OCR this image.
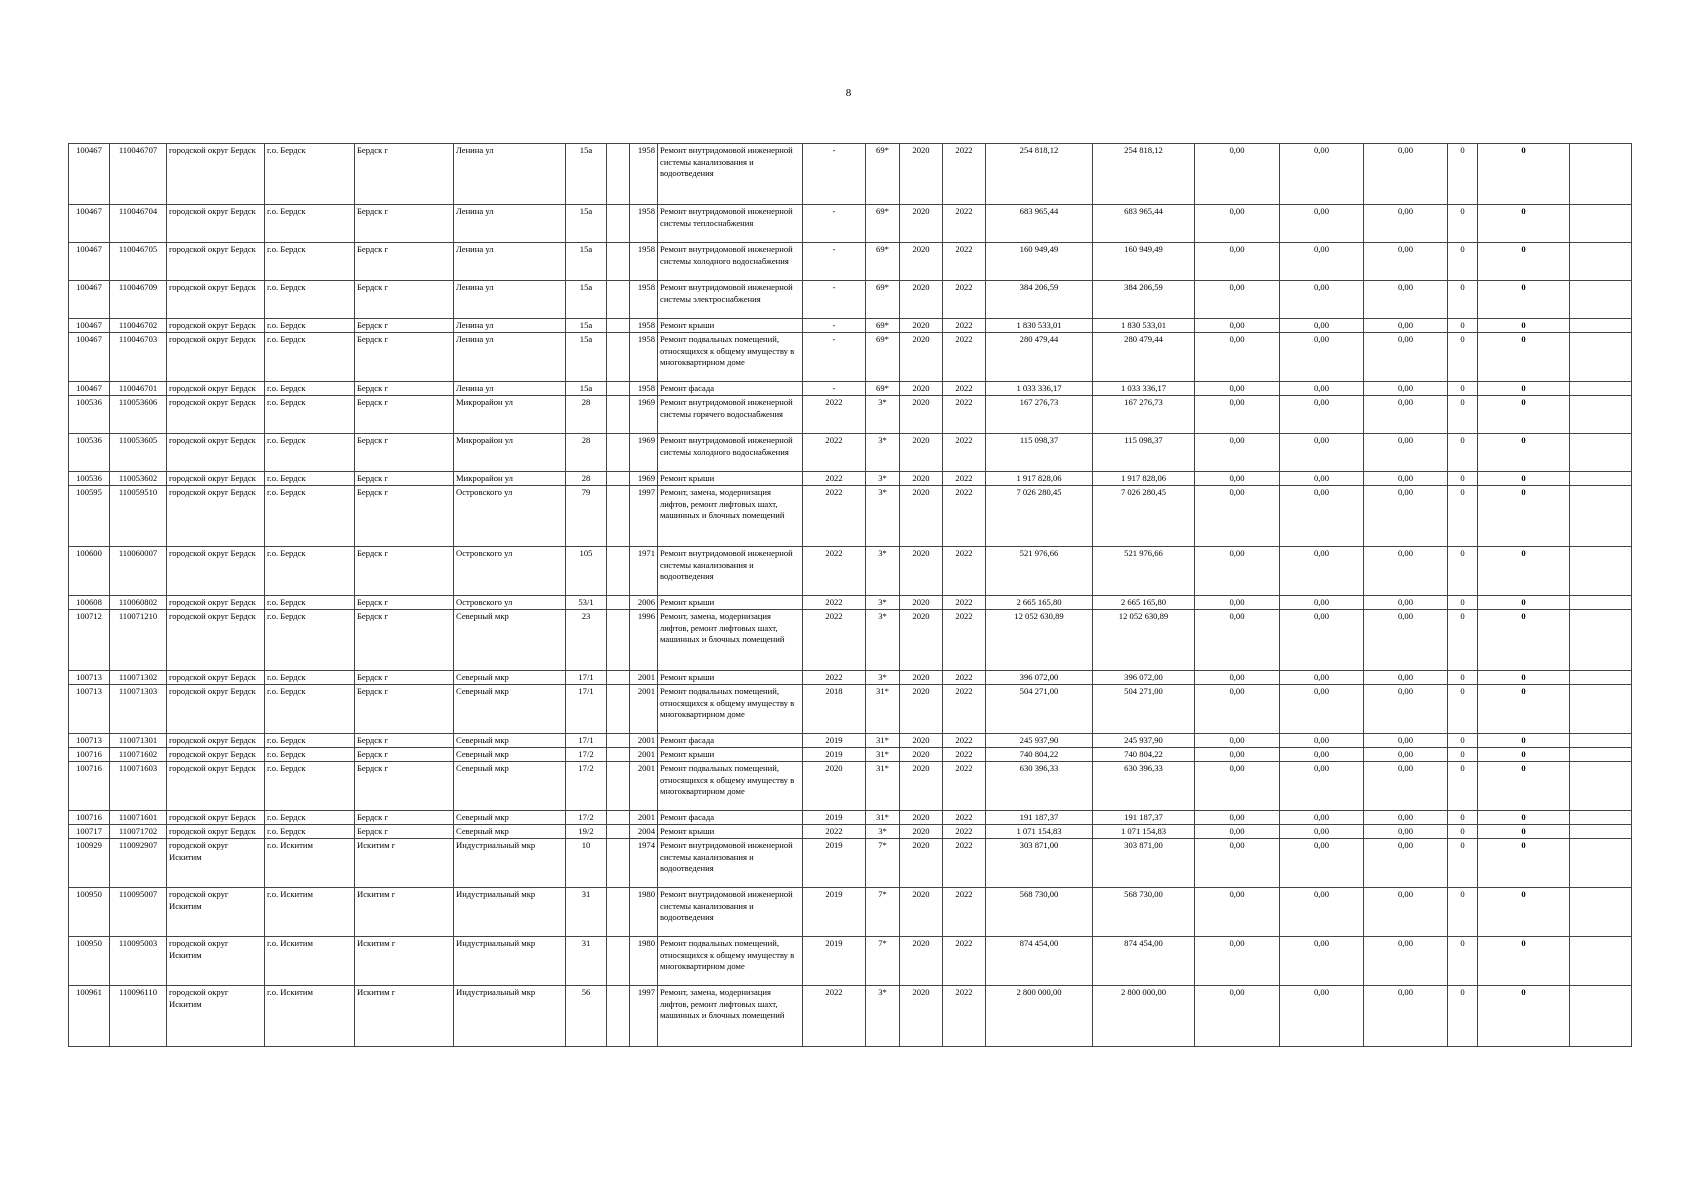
8
100467	110046707	городской округ Бердск	г.о. Бердск	Бердск г	Ленина ул	15а		1958	Ремонт внутридомовой инженерной системы канализования и водоотведения	-	69*	2020	2022	254 818,12	254 818,12	0,00	0,00	0,00	0	0	
100467	110046704	городской округ Бердск	г.о. Бердск	Бердск г	Ленина ул	15а		1958	Ремонт внутридомовой инженерной системы теплоснабжения	-	69*	2020	2022	683 965,44	683 965,44	0,00	0,00	0,00	0	0	
100467	110046705	городской округ Бердск	г.о. Бердск	Бердск г	Ленина ул	15а		1958	Ремонт внутридомовой инженерной системы холодного водоснабжения	-	69*	2020	2022	160 949,49	160 949,49	0,00	0,00	0,00	0	0	
100467	110046709	городской округ Бердск	г.о. Бердск	Бердск г	Ленина ул	15а		1958	Ремонт внутридомовой инженерной системы электроснабжения	-	69*	2020	2022	384 206,59	384 206,59	0,00	0,00	0,00	0	0	
100467	110046702	городской округ Бердск	г.о. Бердск	Бердск г	Ленина ул	15а		1958	Ремонт крыши	-	69*	2020	2022	1 830 533,01	1 830 533,01	0,00	0,00	0,00	0	0	
100467	110046703	городской округ Бердск	г.о. Бердск	Бердск г	Ленина ул	15а		1958	Ремонт подвальных помещений, относящихся к общему имуществу в многоквартирном доме	-	69*	2020	2022	280 479,44	280 479,44	0,00	0,00	0,00	0	0	
100467	110046701	городской округ Бердск	г.о. Бердск	Бердск г	Ленина ул	15а		1958	Ремонт фасада	-	69*	2020	2022	1 033 336,17	1 033 336,17	0,00	0,00	0,00	0	0	
100536	110053606	городской округ Бердск	г.о. Бердск	Бердск г	Микрорайон ул	28		1969	Ремонт внутридомовой инженерной системы горячего водоснабжения	2022	3*	2020	2022	167 276,73	167 276,73	0,00	0,00	0,00	0	0	
100536	110053605	городской округ Бердск	г.о. Бердск	Бердск г	Микрорайон ул	28		1969	Ремонт внутридомовой инженерной системы холодного водоснабжения	2022	3*	2020	2022	115 098,37	115 098,37	0,00	0,00	0,00	0	0	
100536	110053602	городской округ Бердск	г.о. Бердск	Бердск г	Микрорайон ул	28		1969	Ремонт крыши	2022	3*	2020	2022	1 917 828,06	1 917 828,06	0,00	0,00	0,00	0	0	
100595	110059510	городской округ Бердск	г.о. Бердск	Бердск г	Островского ул	79		1997	Ремонт, замена, модернизация лифтов, ремонт лифтовых шахт, машинных и блочных помещений	2022	3*	2020	2022	7 026 280,45	7 026 280,45	0,00	0,00	0,00	0	0	
100600	110060007	городской округ Бердск	г.о. Бердск	Бердск г	Островского ул	105		1971	Ремонт внутридомовой инженерной системы канализования и водоотведения	2022	3*	2020	2022	521 976,66	521 976,66	0,00	0,00	0,00	0	0	
100608	110060802	городской округ Бердск	г.о. Бердск	Бердск г	Островского ул	53/1		2006	Ремонт крыши	2022	3*	2020	2022	2 665 165,80	2 665 165,80	0,00	0,00	0,00	0	0	
100712	110071210	городской округ Бердск	г.о. Бердск	Бердск г	Северный мкр	23		1996	Ремонт, замена, модернизация лифтов, ремонт лифтовых шахт, машинных и блочных помещений	2022	3*	2020	2022	12 052 630,89	12 052 630,89	0,00	0,00	0,00	0	0	
100713	110071302	городской округ Бердск	г.о. Бердск	Бердск г	Северный мкр	17/1		2001	Ремонт крыши	2022	3*	2020	2022	396 072,00	396 072,00	0,00	0,00	0,00	0	0	
100713	110071303	городской округ Бердск	г.о. Бердск	Бердск г	Северный мкр	17/1		2001	Ремонт подвальных помещений, относящихся к общему имуществу в многоквартирном доме	2018	31*	2020	2022	504 271,00	504 271,00	0,00	0,00	0,00	0	0	
100713	110071301	городской округ Бердск	г.о. Бердск	Бердск г	Северный мкр	17/1		2001	Ремонт фасада	2019	31*	2020	2022	245 937,90	245 937,90	0,00	0,00	0,00	0	0	
100716	110071602	городской округ Бердск	г.о. Бердск	Бердск г	Северный мкр	17/2		2001	Ремонт крыши	2019	31*	2020	2022	740 804,22	740 804,22	0,00	0,00	0,00	0	0	
100716	110071603	городской округ Бердск	г.о. Бердск	Бердск г	Северный мкр	17/2		2001	Ремонт подвальных помещений, относящихся к общему имуществу в многоквартирном доме	2020	31*	2020	2022	630 396,33	630 396,33	0,00	0,00	0,00	0	0	
100716	110071601	городской округ Бердск	г.о. Бердск	Бердск г	Северный мкр	17/2		2001	Ремонт фасада	2019	31*	2020	2022	191 187,37	191 187,37	0,00	0,00	0,00	0	0	
100717	110071702	городской округ Бердск	г.о. Бердск	Бердск г	Северный мкр	19/2		2004	Ремонт крыши	2022	3*	2020	2022	1 071 154,83	1 071 154,83	0,00	0,00	0,00	0	0	
100929	110092907	городской округ Искитим	г.о. Искитим	Искитим г	Индустриальный мкр	10		1974	Ремонт внутридомовой инженерной системы канализования и водоотведения	2019	7*	2020	2022	303 871,00	303 871,00	0,00	0,00	0,00	0	0	
100950	110095007	городской округ Искитим	г.о. Искитим	Искитим г	Индустриальный мкр	31		1980	Ремонт внутридомовой инженерной системы канализования и водоотведения	2019	7*	2020	2022	568 730,00	568 730,00	0,00	0,00	0,00	0	0	
100950	110095003	городской округ Искитим	г.о. Искитим	Искитим г	Индустриальный мкр	31		1980	Ремонт подвальных помещений, относящихся к общему имуществу в многоквартирном доме	2019	7*	2020	2022	874 454,00	874 454,00	0,00	0,00	0,00	0	0	
100961	110096110	городской округ Искитим	г.о. Искитим	Искитим г	Индустриальный мкр	56		1997	Ремонт, замена, модернизация лифтов, ремонт лифтовых шахт, машинных и блочных помещений	2022	3*	2020	2022	2 800 000,00	2 800 000,00	0,00	0,00	0,00	0	0	
